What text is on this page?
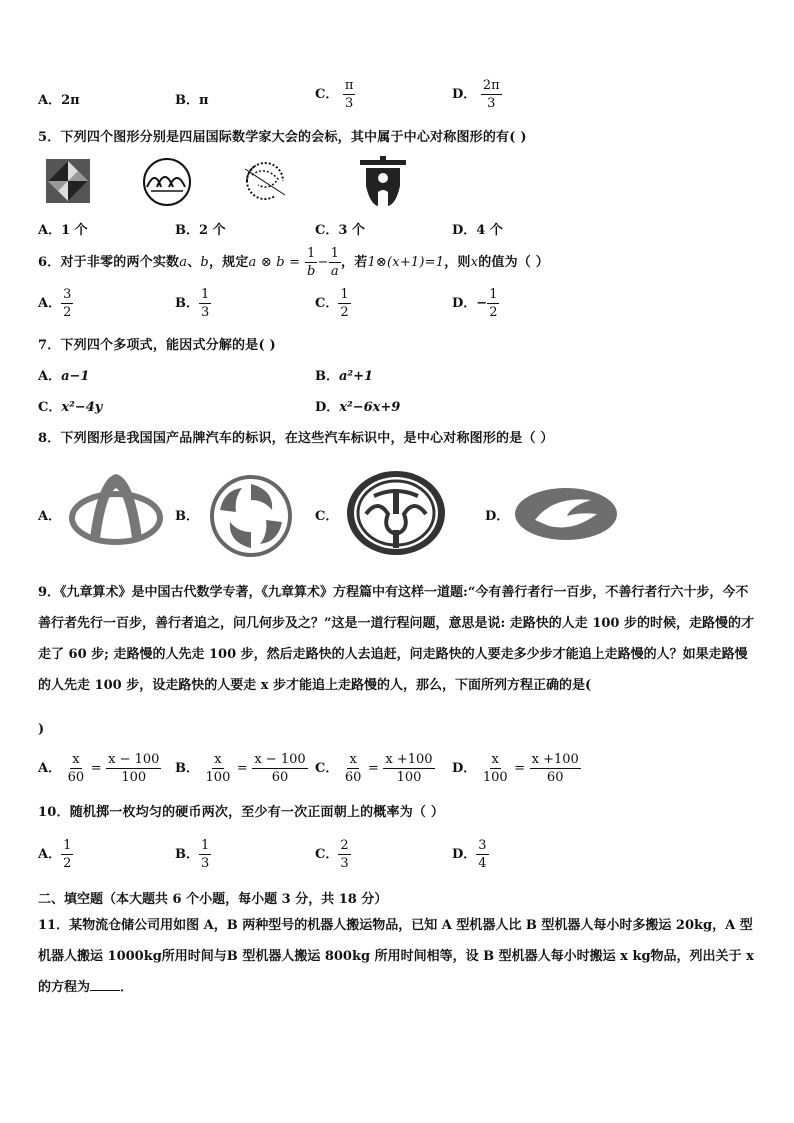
A．2π	B．π	C． $\frac{\pi}{3}$	D． $\frac{2\pi}{3}$
5．下列四个图形分别是四届国际数学家大会的会标，其中属于中心对称图形的有( )
A．1 个	B．2 个	C．3 个	D．4 个
6．对于非零的两个实数a、b，规定a ⊗ $b = \frac{1}{b} - \frac{1}{a}$ ，若1⊗(x+1)=1，则x的值为（ ）
A． $\frac{3}{2}$	B． $\frac{1}{3}$	C． $\frac{1}{2}$	D．− $\frac{1}{2}$
7．下列四个多项式，能因式分解的是( )
A．a−1	B．a²+1
C．x²−4y	D．x²−6x+9
8．下列图形是我国国产品牌汽车的标识，在这些汽车标识中，是中心对称图形的是（ ）
A．	B．	C．	D．
9．《九章算术》是中国古代数学专著，《九章算术》方程篇中有这样一道题:“今有善行者行一百步，不善行者行六十步，今不善行者先行一百步，善行者追之，问几何步及之？”这是一道行程问题，意思是说: 走路快的人走 100 步的时候，走路慢的才走了 60 步; 走路慢的人先走 100 步，然后走路快的人去追赶，问走路快的人要走多少步才能追上走路慢的人？如果走路慢的人先走 100 步，设走路快的人要走 x 步才能追上走路慢的人，那么，下面所列方程正确的是(
)
A． $\frac{x}{60} = \frac{x - 100}{100}$ B． $\frac{x}{100} = \frac{x - 100}{60}$ C． $\frac{x}{60} = \frac{x +100}{100}$ D． $\frac{x}{100} = \frac{x +100}{60}$
10．随机掷一枚均匀的硬币两次，至少有一次正面朝上的概率为（ ）
A． $\frac{1}{2}$	B． $\frac{1}{3}$	C． $\frac{2}{3}$	D． $\frac{3}{4}$
二、填空题（本大题共 6 个小题，每小题 3 分，共 18 分）
11．某物流仓储公司用如图 A，B 两种型号的机器人搬运物品，已知 A 型机器人比 B 型机器人每小时多搬运 20kg，A 型机器人搬运 1000kg所用时间与B 型机器人搬运 800kg 所用时间相等，设 B 型机器人每小时搬运 x kg物品，列出关于 x 的方程为 ．
